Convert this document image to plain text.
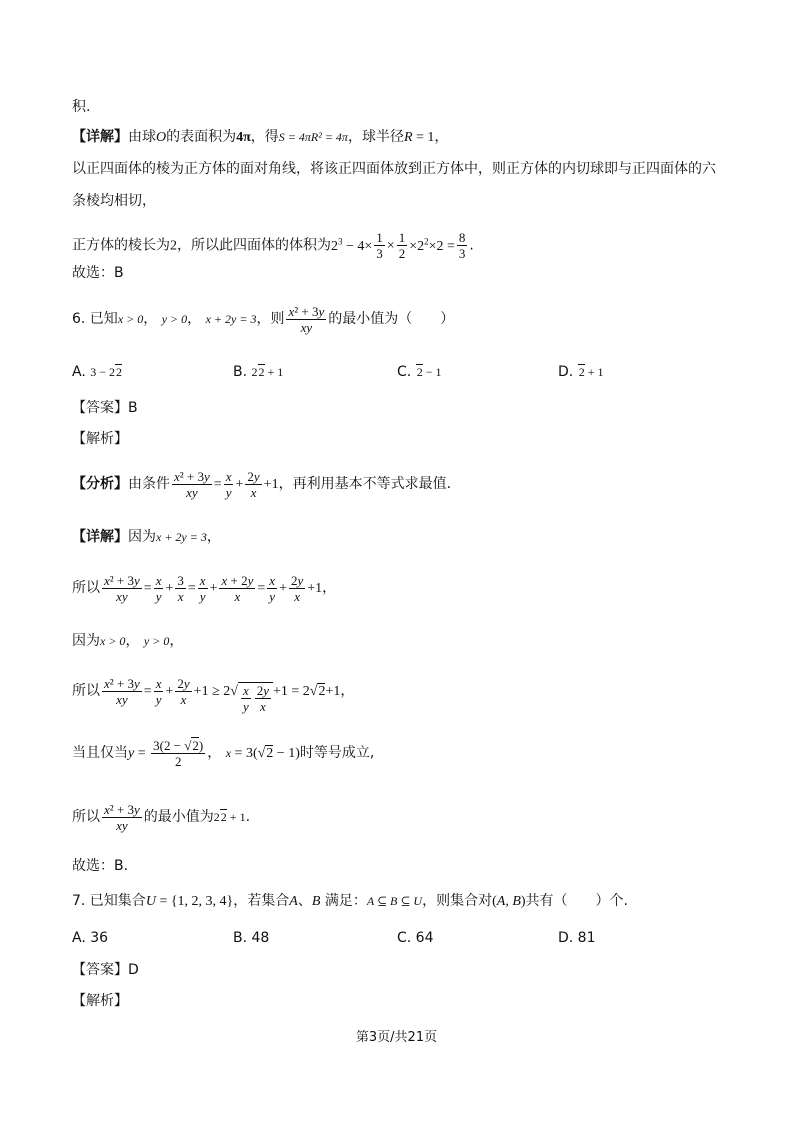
积.
【详解】由球O的表面积为4π，得S = 4πR² = 4π，球半径R = 1，
以正四面体的棱为正方体的面对角线，将该正四面体放到正方体中，则正方体的内切球即与正四面体的六
条棱均相切，
正方体的棱长为2，所以此四面体的体积为$2^3 - 4\times \frac{1}{3} \times \frac{1}{2} \times 2^2\times 2 = \frac{8}{3}$ .
故选：B
6. 已知x > 0， y > 0， x + 2y = 3，则 $\frac{\text{x² + 3y}}{xy}$ 的最小值为（　　）
A. 3 − 22	B. 22 + 1	C. 2 − 1	D. 2 + 1
【答案】B
【解析】
【分析】由条件 $\frac{\text{x² + 3y}}{xy} = \frac{x}{y} + \frac{2y}{x} +1$，再利用基本不等式求最值.
【详解】因为x + 2y = 3，
所以 $\frac{\text{x² + 3y}}{xy} = \frac{x}{y} + \frac{3}{x} = \frac{x}{y} + \frac{x + 2y}{x} = \frac{x}{y} + \frac{2y}{x} +1$，
因为x > 0， y > 0，
所以 $\frac{\text{x² + 3y}}{xy} = \frac{x}{y} + \frac{2y}{x} +1 \ge 2√ \frac{x}{y} \frac{2y}{x} +1 = 2√2+1$，
当且仅当$y = \frac{3(2 - √2)}{2}$ ， x = 3(√2 − 1)时等号成立,
所以 $\frac{\text{x² + 3y}}{xy}$ 的最小值为22 + 1.
故选：B.
7. 已知集合U = {1, 2, 3, 4}，若集合A、B 满足：A ⊆ B ⊆ U，则集合对(A, B)共有（　　）个.
A. 36	B. 48	C. 64	D. 81
【答案】D
【解析】
第3页/共21页
